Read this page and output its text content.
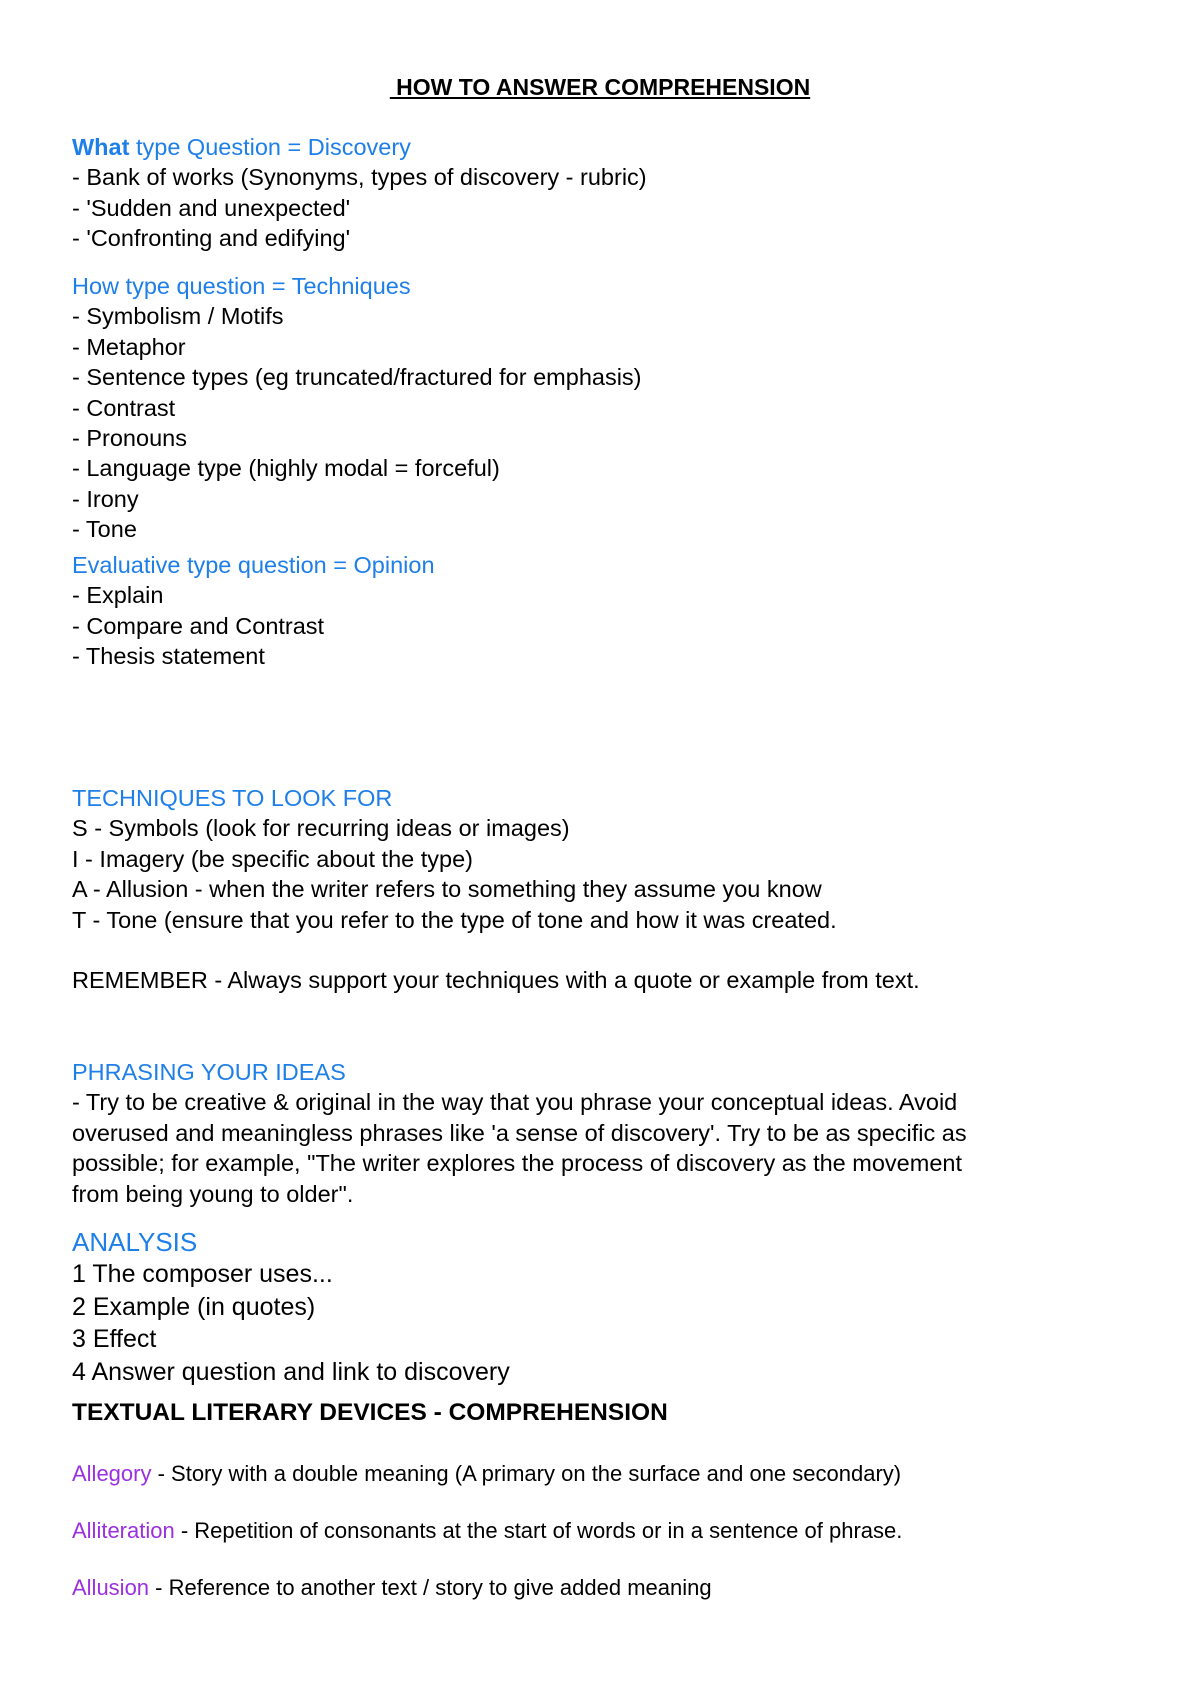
HOW TO ANSWER COMPREHENSION
What type Question = Discovery
- Bank of works (Synonyms, types of discovery - rubric)
- 'Sudden and unexpected'
- 'Confronting and edifying'
How type question = Techniques
- Symbolism / Motifs
- Metaphor
- Sentence types (eg truncated/fractured for emphasis)
- Contrast
- Pronouns
- Language type (highly modal = forceful)
- Irony
- Tone
Evaluative type question = Opinion
- Explain
- Compare and Contrast
- Thesis statement
TECHNIQUES TO LOOK FOR
S - Symbols (look for recurring ideas or images)
I - Imagery (be specific about the type)
A - Allusion - when the writer refers to something they assume you know
T - Tone (ensure that you refer to the type of tone and how it was created.
REMEMBER - Always support your techniques with a quote or example from text.
PHRASING YOUR IDEAS
- Try to be creative & original in the way that you phrase your conceptual ideas. Avoid
overused and meaningless phrases like 'a sense of discovery'. Try to be as specific as
possible; for example, "The writer explores the process of discovery as the movement
from being young to older".
ANALYSIS
1 The composer uses...
2 Example (in quotes)
3 Effect
4 Answer question and link to discovery
TEXTUAL LITERARY DEVICES - COMPREHENSION
Allegory - Story with a double meaning (A primary on the surface and one secondary)
Alliteration - Repetition of consonants at the start of words or in a sentence of phrase.
Allusion - Reference to another text / story to give added meaning
